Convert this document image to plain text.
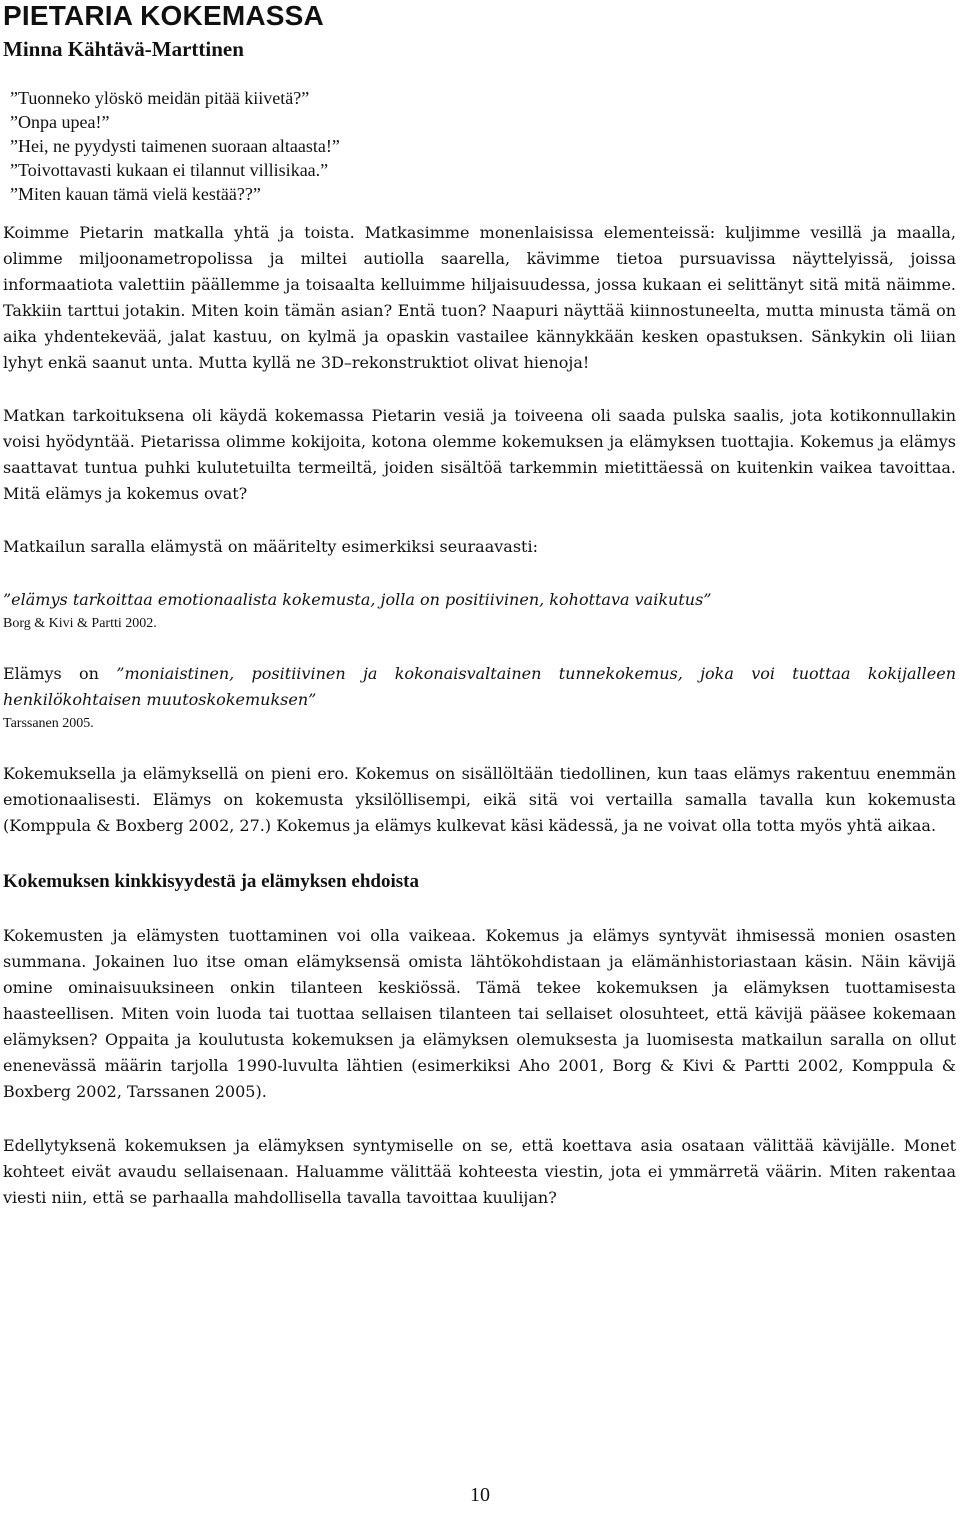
PIETARIA KOKEMASSA
Minna Kähtävä-Marttinen
”Tuonneko ylöskö meidän pitää kiivetä?”
”Onpa upea!”
”Hei, ne pyydysti taimenen suoraan altaasta!”
”Toivottavasti kukaan ei tilannut villisikaa.”
”Miten kauan tämä vielä kestää??”

Koimme Pietarin matkalla yhtä ja toista. Matkasimme monenlaisissa elementeissä: kuljimme vesillä ja maalla, olimme miljoonametropolissa ja miltei autiolla saarella, kävimme tietoa pursuavissa näyttelyissä, joissa informaatiota valettiin päällemme ja toisaalta kelluimme hiljaisuudessa, jossa kukaan ei selittänyt sitä mitä näimme. Takkiin tarttui jotakin. Miten koin tämän asian? Entä tuon? Naapuri näyttää kiinnostuneelta, mutta minusta tämä on aika yhdentekevää, jalat kastuu, on kylmä ja opaskin vastailee kännykkään kesken opastuksen. Sänkykin oli liian lyhyt enkä saanut unta. Mutta kyllä ne 3D–rekonstruktiot olivat hienoja!

Matkan tarkoituksena oli käydä kokemassa Pietarin vesiä ja toiveena oli saada pulska saalis, jota kotikonnullakin voisi hyödyntää. Pietarissa olimme kokijoita, kotona olemme kokemuksen ja elämyksen tuottajia. Kokemus ja elämys saattavat tuntua puhki kulutetuilta termeiltä, joiden sisältöä tarkemmin mietittäessä on kuitenkin vaikea tavoittaa. Mitä elämys ja kokemus ovat?

Matkailun saralla elämystä on määritelty esimerkiksi seuraavasti:

”elämys tarkoittaa emotionaalista kokemusta, jolla on positiivinen, kohottava vaikutus”

Borg & Kivi & Partti 2002.

Elämys on ”moniaistinen, positiivinen ja kokonaisvaltainen tunnekokemus, joka voi tuottaa kokijalleen henkilökohtaisen muutoskokemuksen”

Tarssanen 2005.

Kokemuksella ja elämyksellä on pieni ero. Kokemus on sisällöltään tiedollinen, kun taas elämys rakentuu enemmän emotionaalisesti. Elämys on kokemusta yksilöllisempi, eikä sitä voi vertailla samalla tavalla kun kokemusta (Komppula & Boxberg 2002, 27.) Kokemus ja elämys kulkevat käsi kädessä, ja ne voivat olla totta myös yhtä aikaa.

Kokemuksen kinkkisyydestä ja elämyksen ehdoista

Kokemusten ja elämysten tuottaminen voi olla vaikeaa. Kokemus ja elämys syntyvät ihmisessä monien osasten summana. Jokainen luo itse oman elämyksensä omista lähtökohdistaan ja elämänhistoriastaan käsin. Näin kävijä omine ominaisuuksineen onkin tilanteen keskiössä. Tämä tekee kokemuksen ja elämyksen tuottamisesta haasteellisen. Miten voin luoda tai tuottaa sellaisen tilanteen tai sellaiset olosuhteet, että kävijä pääsee kokemaan elämyksen? Oppaita ja koulutusta kokemuksen ja elämyksen olemuksesta ja luomisesta matkailun saralla on ollut enenevässä määrin tarjolla 1990-luvulta lähtien (esimerkiksi Aho 2001, Borg & Kivi & Partti 2002, Komppula & Boxberg 2002, Tarssanen 2005).

Edellytyksenä kokemuksen ja elämyksen syntymiselle on se, että koettava asia osataan välittää kävijälle. Monet kohteet eivät avaudu sellaisenaan. Haluamme välittää kohteesta viestin, jota ei ymmärretä väärin. Miten rakentaa viesti niin, että se parhaalla mahdollisella tavalla tavoittaa kuulijan?

10
